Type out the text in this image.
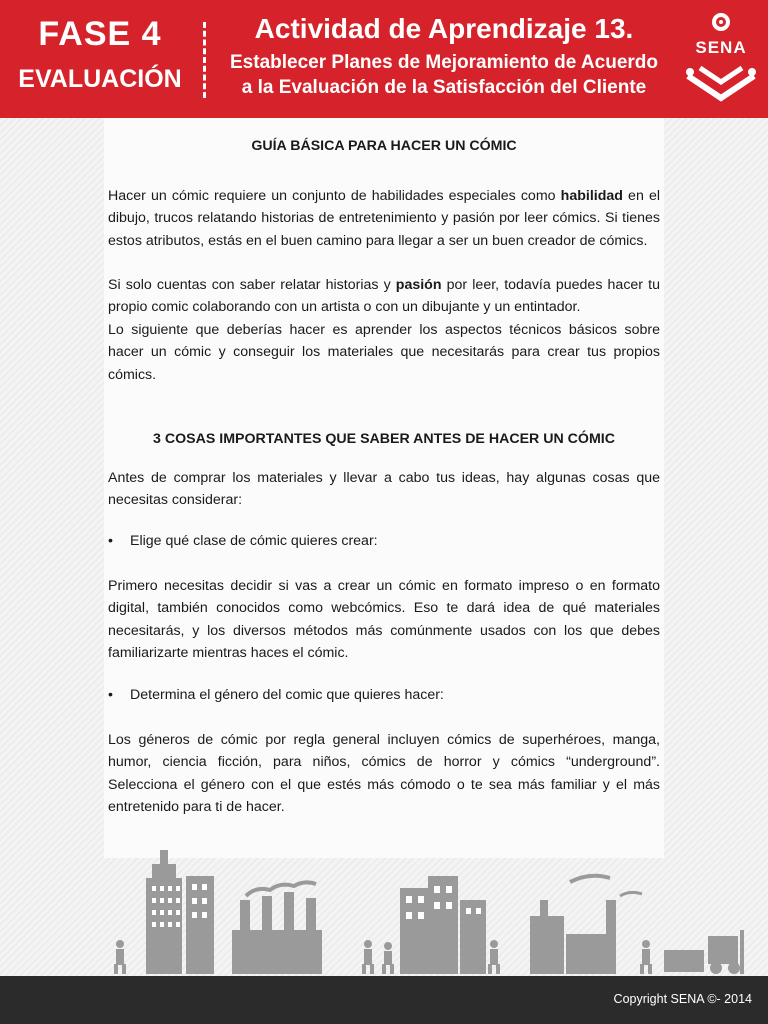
FASE 4
EVALUACIÓN
Actividad de Aprendizaje 13.
Establecer Planes de Mejoramiento de Acuerdo
a la Evaluación de la Satisfacción del Cliente
SENA

GUÍA BÁSICA PARA HACER UN CÓMIC

Hacer un cómic requiere un conjunto de habilidades especiales como habilidad en el dibujo, trucos relatando historias de entretenimiento y pasión por leer cómics. Si tienes estos atributos, estás en el buen camino para llegar a ser un buen creador de cómics.

Si solo cuentas con saber relatar historias y pasión por leer, todavía puedes hacer tu propio comic colaborando con un artista o con un dibujante y un entintador.

Lo siguiente que deberías hacer es aprender los aspectos técnicos básicos sobre hacer un cómic y conseguir los materiales que necesitarás para crear tus propios cómics.

3 COSAS IMPORTANTES QUE SABER ANTES DE HACER UN CÓMIC

Antes de comprar los materiales y llevar a cabo tus ideas, hay algunas cosas que necesitas considerar:

• Elige qué clase de cómic quieres crear:

Primero necesitas decidir si vas a crear un cómic en formato impreso o en formato digital, también conocidos como webcómics. Eso te dará idea de qué materiales necesitarás, y los diversos métodos más comúnmente usados con los que debes familiarizarte mientras haces el cómic.

• Determina el género del comic que quieres hacer:

Los géneros de cómic por regla general incluyen cómics de superhéroes, manga, humor, ciencia ficción, para niños, cómics de horror y cómics “underground”. Selecciona el género con el que estés más cómodo o te sea más familiar y el más entretenido para ti de hacer.

Copyright SENA ©- 2014
